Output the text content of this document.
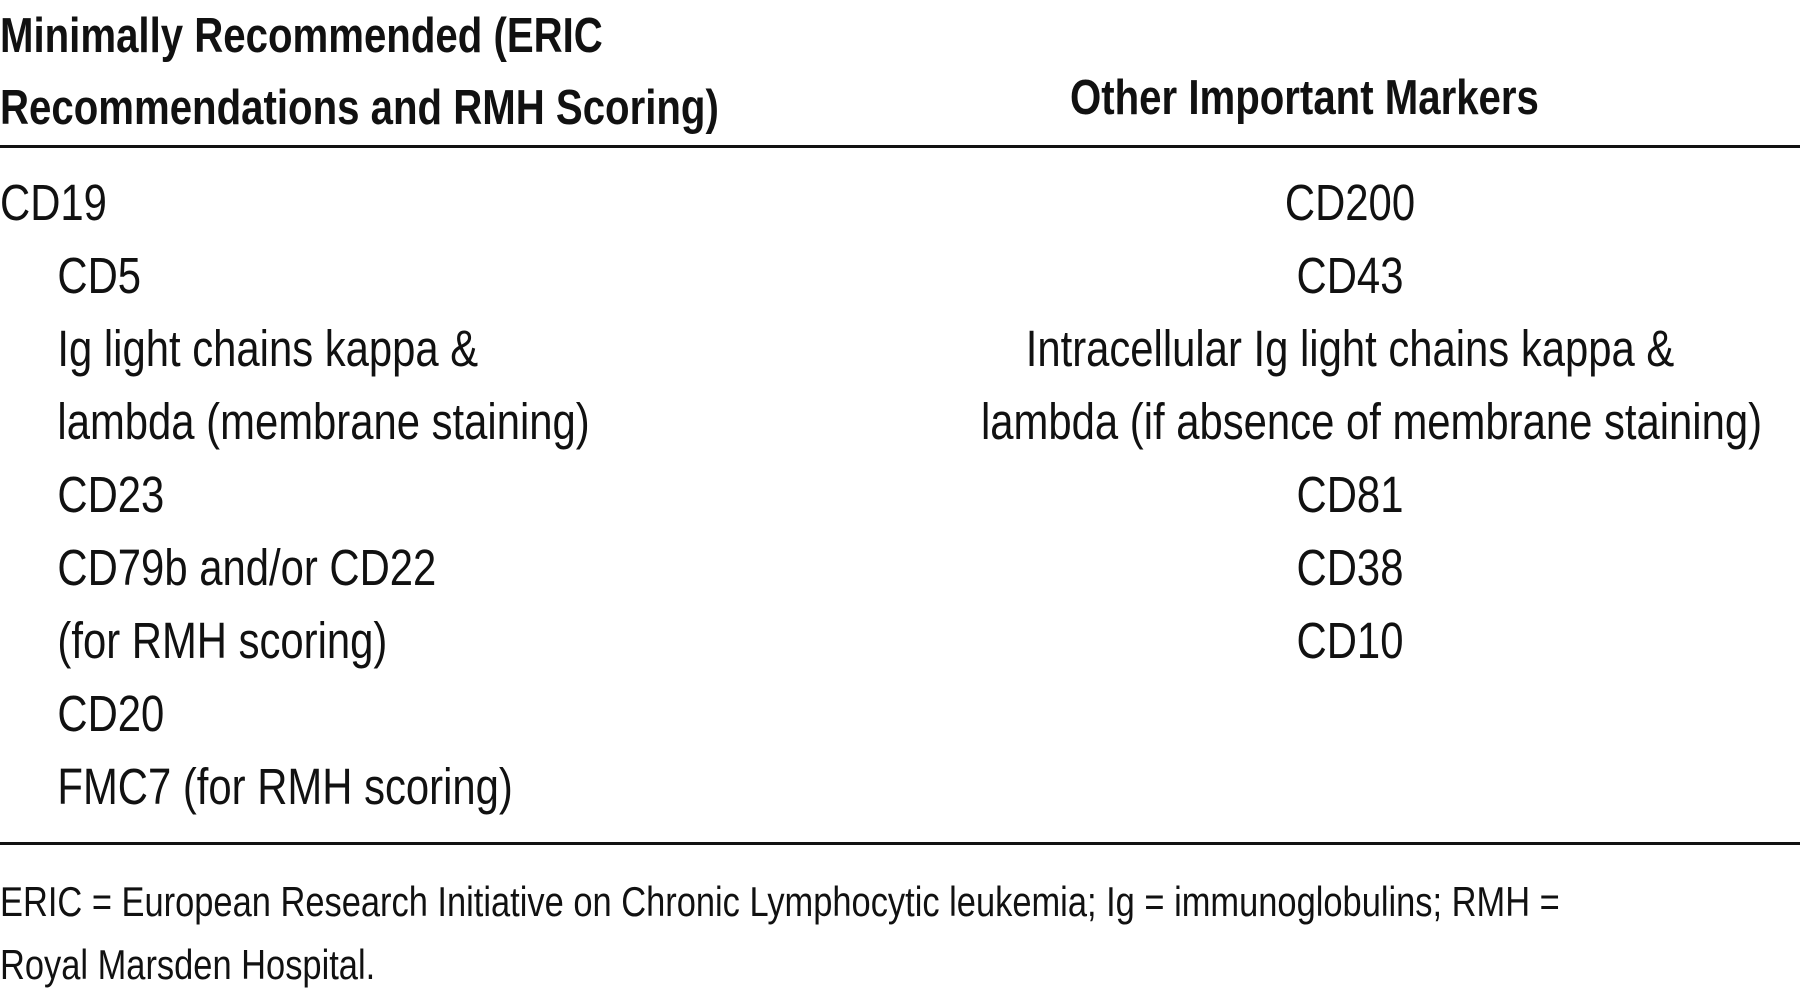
Minimally Recommended (ERIC
Recommendations and RMH Scoring)	Other Important Markers
CD19
CD5
Ig light chains kappa &
lambda (membrane staining)
CD23
CD79b and/or CD22
(for RMH scoring)
CD20
FMC7 (for RMH scoring)
CD200
CD43
Intracellular Ig light chains kappa &
lambda (if absence of membrane staining)
CD81
CD38
CD10
ERIC = European Research Initiative on Chronic Lymphocytic leukemia; Ig = immunoglobulins; RMH =
Royal Marsden Hospital.
